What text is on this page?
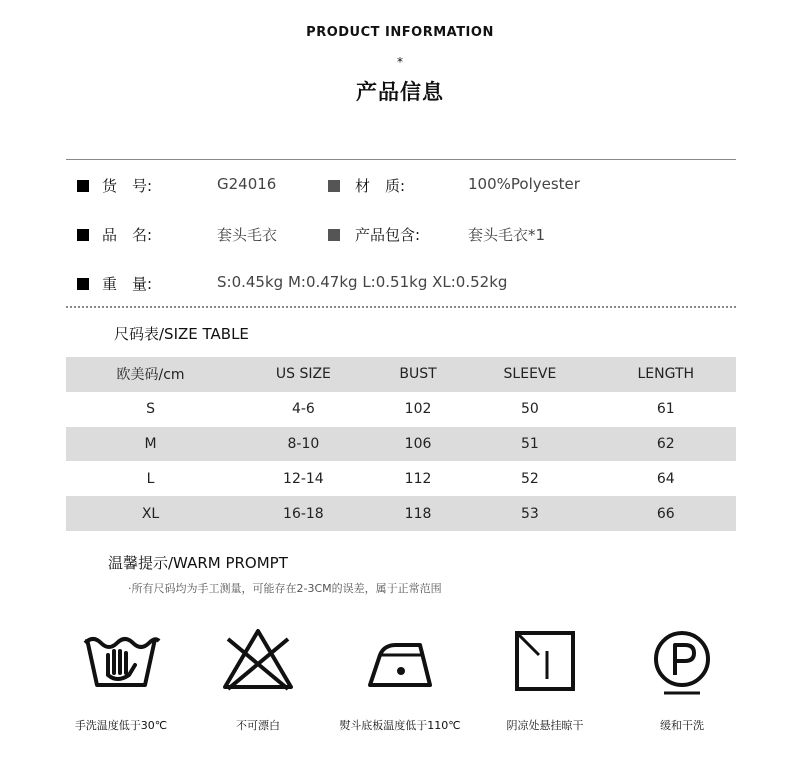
PRODUCT INFORMATION
*
产品信息
货　号:	G24016	材　质:	100%Polyester
品　名:	套头毛衣	产品包含:	套头毛衣*1
重　量:	S:0.45kg M:0.47kg L:0.51kg XL:0.52kg
尺码表/SIZE TABLE
欧美码/cm	US SIZE	BUST	SLEEVE	LENGTH
S	4-6	102	50	61
M	8-10	106	51	62
L	12-14	112	52	64
XL	16-18	118	53	66
温馨提示/WARM PROMPT
·所有尺码均为手工测量，可能存在2-3CM的误差，属于正常范围
手洗温度低于30℃	不可漂白	熨斗底板温度低于110℃	阴凉处悬挂晾干	缓和干洗
